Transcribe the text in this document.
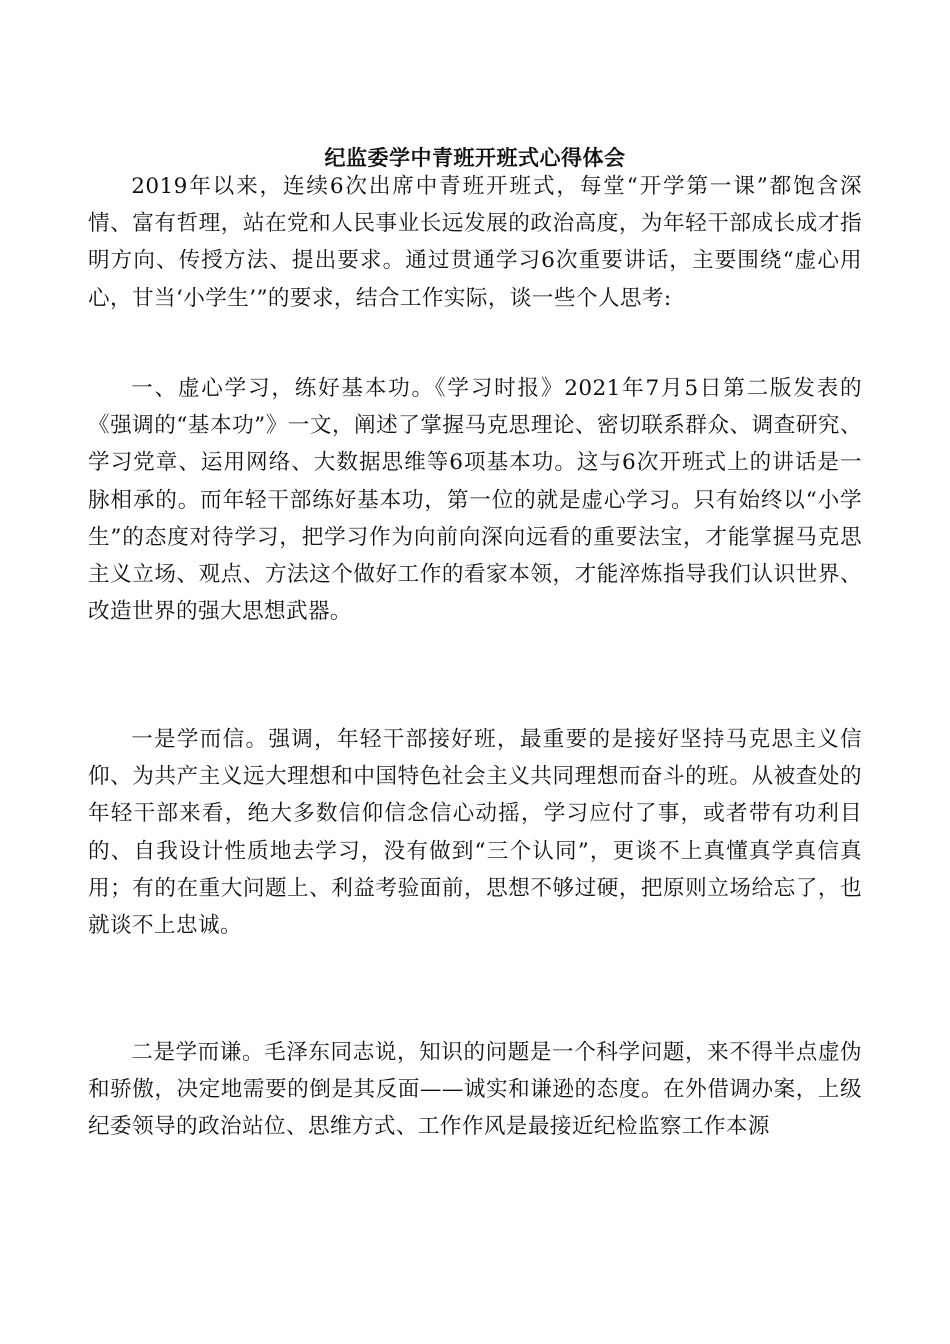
纪监委学中青班开班式心得体会

2019年以来，连续6次出席中青班开班式，每堂“开学第一课”都饱含深情、富有哲理，站在党和人民事业长远发展的政治高度，为年轻干部成长成才指明方向、传授方法、提出要求。通过贯通学习6次重要讲话，主要围绕“虚心用心，甘当‘小学生’”的要求，结合工作实际，谈一些个人思考:

一、虚心学习，练好基本功。《学习时报》2021年7月5日第二版发表的《强调的“基本功”》一文，阐述了掌握马克思理论、密切联系群众、调查研究、学习党章、运用网络、大数据思维等6项基本功。这与6次开班式上的讲话是一脉相承的。而年轻干部练好基本功，第一位的就是虚心学习。只有始终以“小学生”的态度对待学习，把学习作为向前向深向远看的重要法宝，才能掌握马克思主义立场、观点、方法这个做好工作的看家本领，才能淬炼指导我们认识世界、改造世界的强大思想武器。

一是学而信。强调，年轻干部接好班，最重要的是接好坚持马克思主义信仰、为共产主义远大理想和中国特色社会主义共同理想而奋斗的班。从被查处的年轻干部来看，绝大多数信仰信念信心动摇，学习应付了事，或者带有功利目的、自我设计性质地去学习，没有做到“三个认同”，更谈不上真懂真学真信真用；有的在重大问题上、利益考验面前，思想不够过硬，把原则立场给忘了，也就谈不上忠诚。

二是学而谦。毛泽东同志说，知识的问题是一个科学问题，来不得半点虚伪和骄傲，决定地需要的倒是其反面——诚实和谦逊的态度。在外借调办案，上级纪委领导的政治站位、思维方式、工作作风是最接近纪检监察工作本源
